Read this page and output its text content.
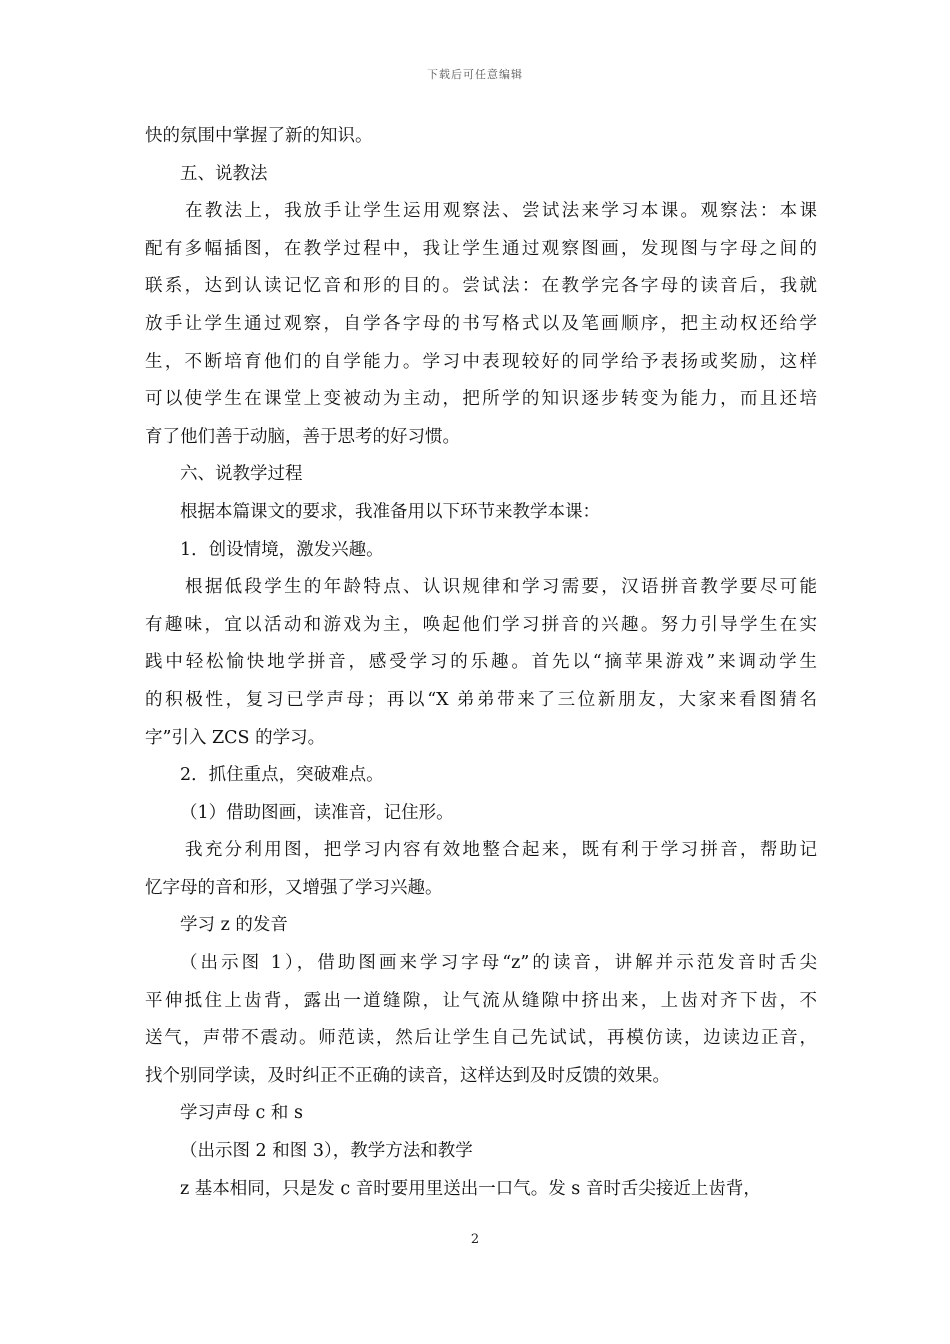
下载后可任意编辑
快的氛围中掌握了新的知识。
五、说教法
在教法上，我放手让学生运用观察法、尝试法来学习本课。观察法：本课
配有多幅插图，在教学过程中，我让学生通过观察图画，发现图与字母之间的
联系，达到认读记忆音和形的目的。尝试法：在教学完各字母的读音后，我就
放手让学生通过观察，自学各字母的书写格式以及笔画顺序，把主动权还给学
生，不断培育他们的自学能力。学习中表现较好的同学给予表扬或奖励，这样
可以使学生在课堂上变被动为主动，把所学的知识逐步转变为能力，而且还培
育了他们善于动脑，善于思考的好习惯。
六、说教学过程
根据本篇课文的要求，我准备用以下环节来教学本课：
1．创设情境，激发兴趣。
根据低段学生的年龄特点、认识规律和学习需要，汉语拼音教学要尽可能
有趣味，宜以活动和游戏为主，唤起他们学习拼音的兴趣。努力引导学生在实
践中轻松愉快地学拼音，感受学习的乐趣。首先以“摘苹果游戏”来调动学生
的积极性，复习已学声母；再以“X 弟弟带来了三位新朋友，大家来看图猜名
字”引入 ZCS 的学习。
2．抓住重点，突破难点。
（1）借助图画，读准音，记住形。
我充分利用图，把学习内容有效地整合起来，既有利于学习拼音，帮助记
忆字母的音和形，又增强了学习兴趣。
学习 z 的发音
（出示图 1），借助图画来学习字母“z”的读音，讲解并示范发音时舌尖
平伸抵住上齿背，露出一道缝隙，让气流从缝隙中挤出来，上齿对齐下齿，不
送气，声带不震动。师范读，然后让学生自己先试试，再模仿读，边读边正音，
找个别同学读，及时纠正不正确的读音，这样达到及时反馈的效果。
学习声母 c 和 s
（出示图 2 和图 3），教学方法和教学
z 基本相同，只是发 c 音时要用里送出一口气。发 s 音时舌尖接近上齿背，
2
